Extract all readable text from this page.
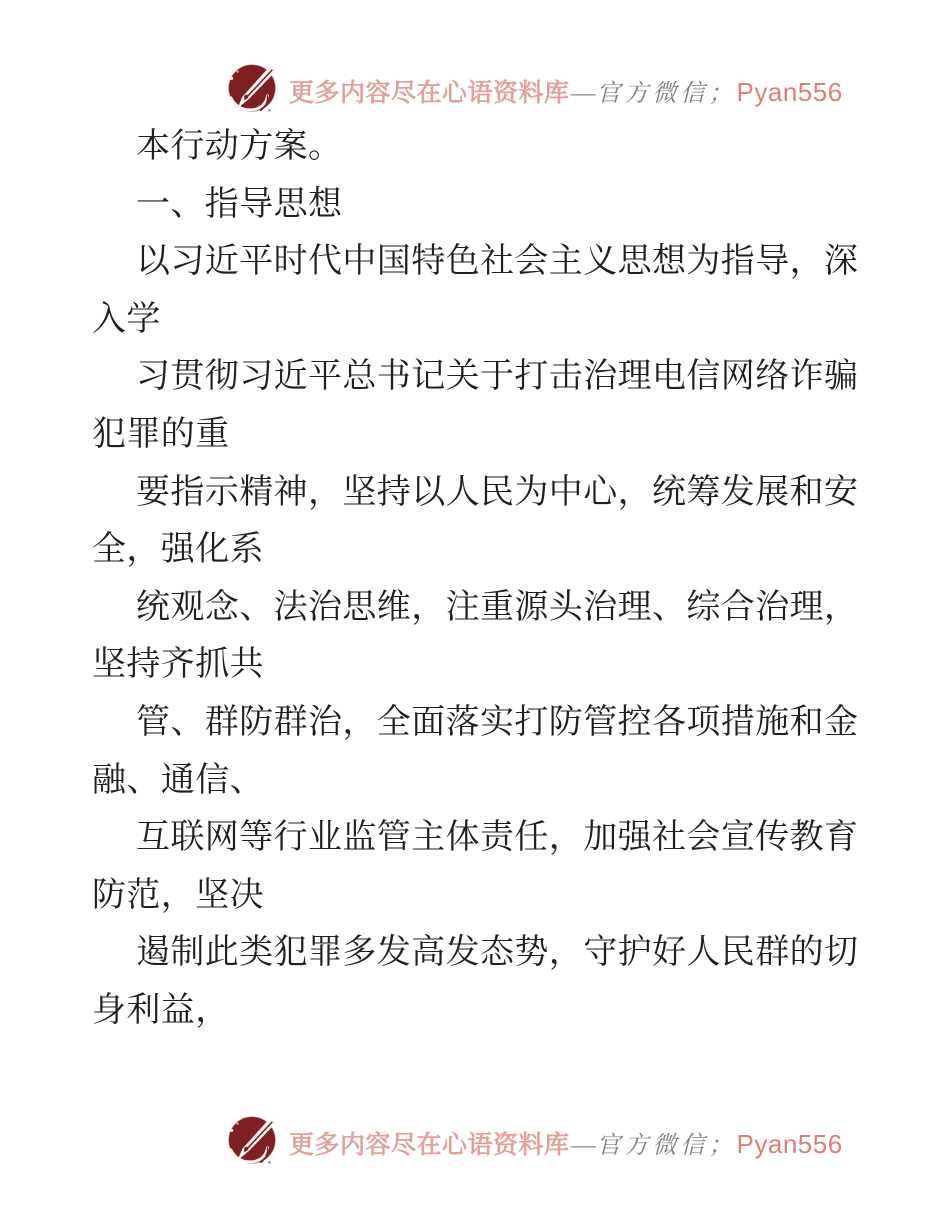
更多内容尽在心语资料库 — 官方微信； Pyan556
本行动方案。
一、指导思想
以习近平时代中国特色社会主义思想为指导，深
入学
习贯彻习近平总书记关于打击治理电信网络诈骗
犯罪的重
要指示精神，坚持以人民为中心，统筹发展和安
全，强化系
统观念、法治思维，注重源头治理、综合治理，
坚持齐抓共
管、群防群治，全面落实打防管控各项措施和金
融、通信、
互联网等行业监管主体责任，加强社会宣传教育
防范，坚决
遏制此类犯罪多发高发态势，守护好人民群的切
身利益，
更多内容尽在心语资料库 — 官方微信； Pyan556
